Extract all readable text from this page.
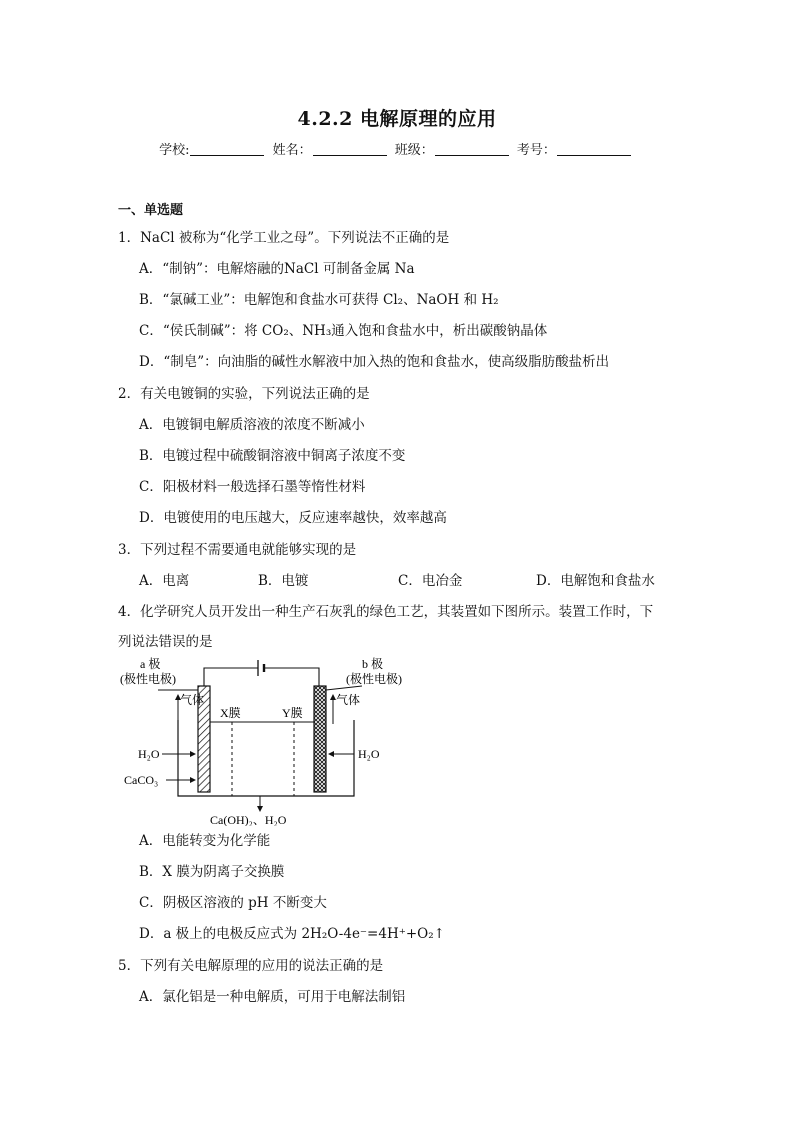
4.2.2 电解原理的应用
学校:	姓名：	班级：	考号：
一、单选题
1．NaCl 被称为“化学工业之母”。下列说法不正确的是
A．“制钠”：电解熔融的NaCl 可制备金属 Na
B．“氯碱工业”：电解饱和食盐水可获得 Cl₂、NaOH 和 H₂
C．“侯氏制碱”：将 CO₂、NH₃通入饱和食盐水中，析出碳酸钠晶体
D．“制皂”：向油脂的碱性水解液中加入热的饱和食盐水，使高级脂肪酸盐析出
2．有关电镀铜的实验，下列说法正确的是
A．电镀铜电解质溶液的浓度不断减小
B．电镀过程中硫酸铜溶液中铜离子浓度不变
C．阳极材料一般选择石墨等惰性材料
D．电镀使用的电压越大，反应速率越快，效率越高
3．下列过程不需要通电就能够实现的是
A．电离	B．电镀	C．电冶金	D．电解饱和食盐水
4．化学研究人员开发出一种生产石灰乳的绿色工艺，其装置如下图所示。装置工作时，下
列说法错误的是
a 极
(极性电极)
b 极
(极性电极)
气体	气体
X膜	Y膜
H₂O
CaCO₃
H₂O
Ca(OH)₂、H₂O
A．电能转变为化学能
B．X 膜为阴离子交换膜
C．阴极区溶液的 pH 不断变大
D．a 极上的电极反应式为 2H₂O-4e⁻=4H⁺+O₂↑
5．下列有关电解原理的应用的说法正确的是
A．氯化铝是一种电解质，可用于电解法制铝
